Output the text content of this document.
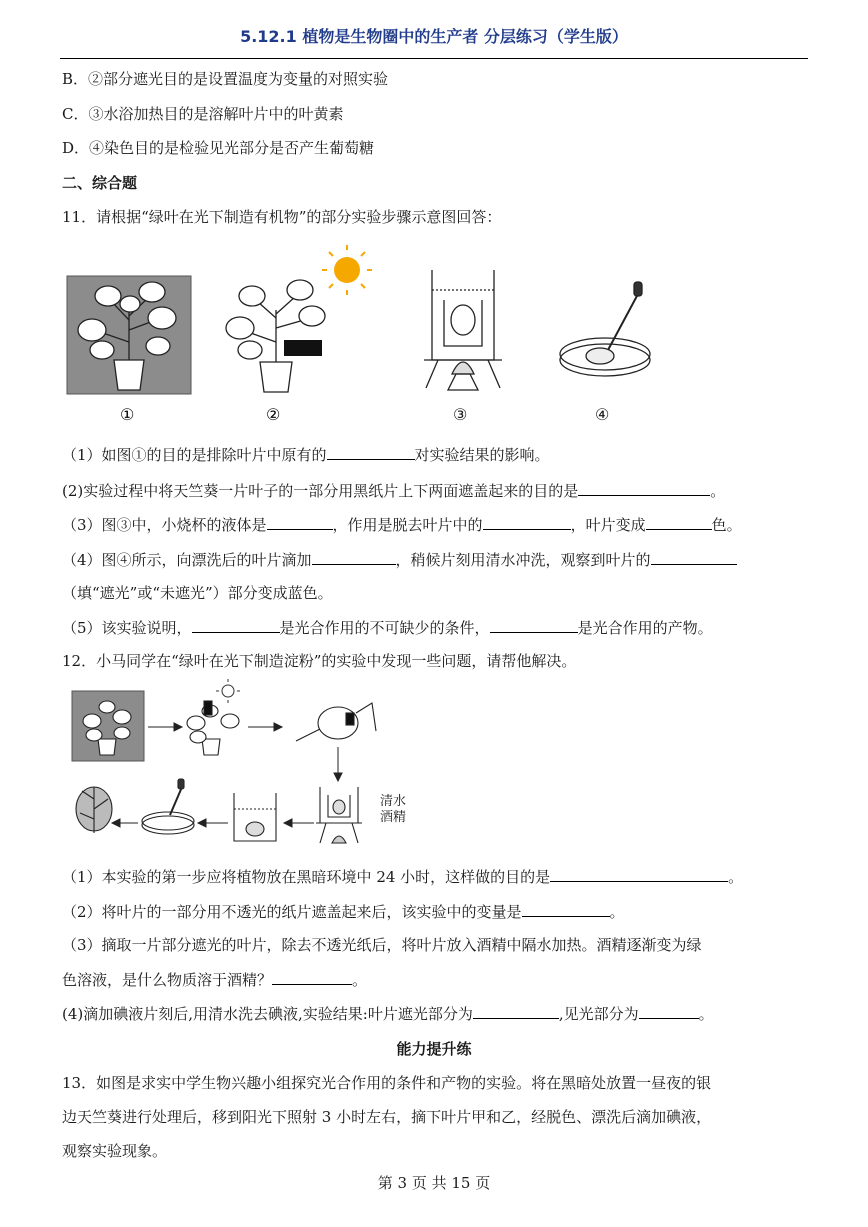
5.12.1 植物是生物圈中的生产者 分层练习（学生版）
B．②部分遮光目的是设置温度为变量的对照实验
C．③水浴加热目的是溶解叶片中的叶黄素
D．④染色目的是检验见光部分是否产生葡萄糖
二、综合题
11．请根据“绿叶在光下制造有机物”的部分实验步骤示意图回答：
①	②	③	④
（1）如图①的目的是排除叶片中原有的	对实验结果的影响。
(2)实验过程中将天竺葵一片叶子的一部分用黑纸片上下两面遮盖起来的目的是	。
（3）图③中，小烧杯的液体是	，作用是脱去叶片中的	，叶片变成	色。
（4）图④所示，向漂洗后的叶片滴加	，稍候片刻用清水冲洗，观察到叶片的
（填“遮光”或“未遮光”）部分变成蓝色。
（5）该实验说明，	是光合作用的不可缺少的条件，	是光合作用的产物。
12．小马同学在“绿叶在光下制造淀粉”的实验中发现一些问题，请帮他解决。
清水
酒精
（1）本实验的第一步应将植物放在黑暗环境中 24 小时，这样做的目的是	。
（2）将叶片的一部分用不透光的纸片遮盖起来后，该实验中的变量是	。
（3）摘取一片部分遮光的叶片，除去不透光纸后，将叶片放入酒精中隔水加热。酒精逐渐变为绿
色溶液，是什么物质溶于酒精？	。
(4)滴加碘液片刻后,用清水洗去碘液,实验结果:叶片遮光部分为	,见光部分为	。
能力提升练
13．如图是求实中学生物兴趣小组探究光合作用的条件和产物的实验。将在黑暗处放置一昼夜的银
边天竺葵进行处理后，移到阳光下照射 3 小时左右，摘下叶片甲和乙，经脱色、漂洗后滴加碘液，
观察实验现象。
第 3 页 共 15 页
